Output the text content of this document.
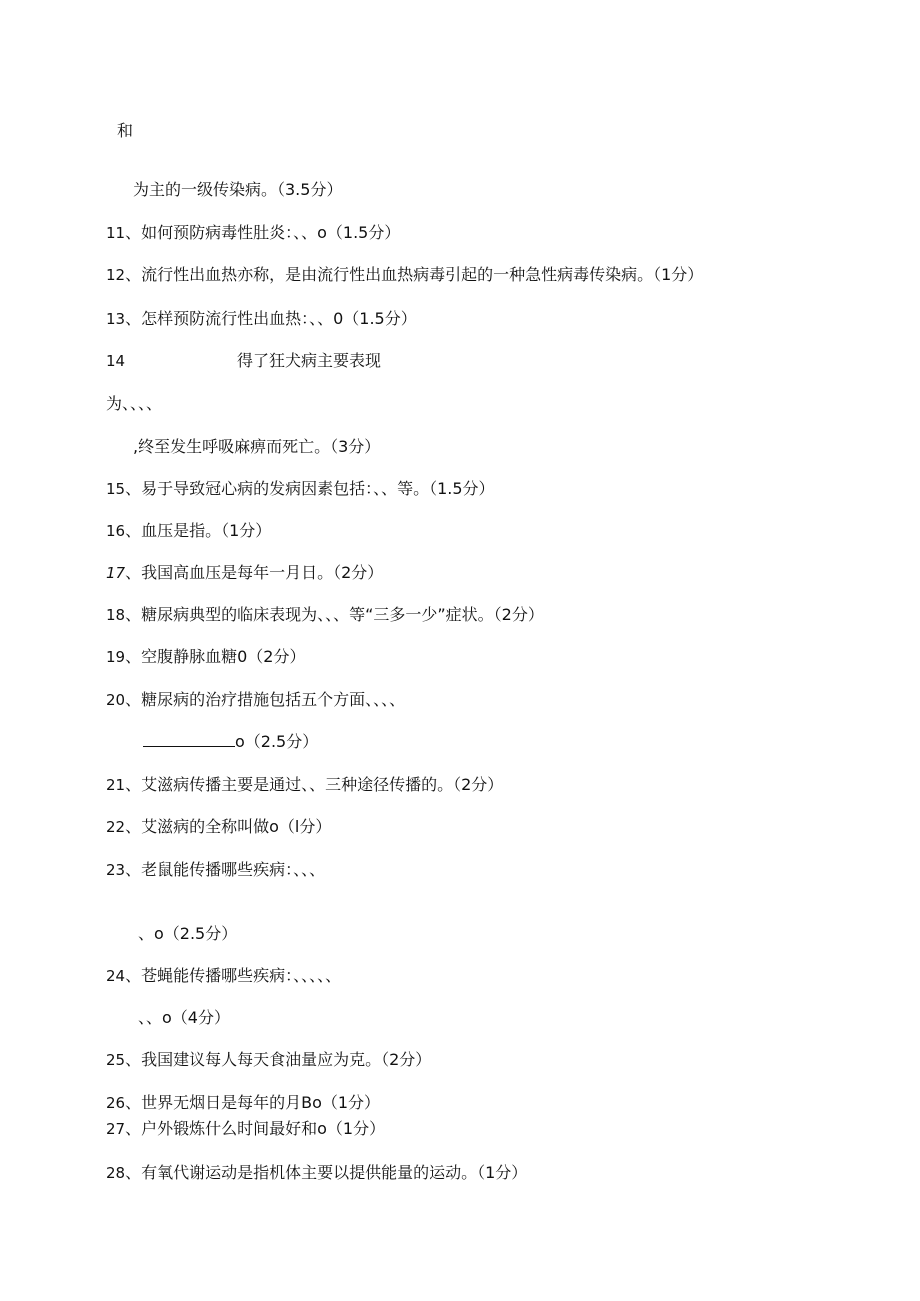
和
为主的一级传染病。（3.5分）
11、如何预防病毒性肚炎：、、o（1.5分）
12、流行性出血热亦称，是由流行性出血热病毒引起的一种急性病毒传染病。（1分）
13、怎样预防流行性出血热：、、0（1.5分）
14	得了狂犬病主要表现
为、、、、
,终至发生呼吸麻痹而死亡。（3分）
15、易于导致冠心病的发病因素包括：、、等。（1.5分）
16、血压是指。（1分）
17、我国高血压是每年一月日。（2分）
18、糖尿病典型的临床表现为、、、等“三多一少”症状。（2分）
19、空腹静脉血糖0（2分）
20、糖尿病的治疗措施包括五个方面、、、、
o（2.5分）
21、艾滋病传播主要是通过、、三种途径传播的。（2分）
22、艾滋病的全称叫做o（l分）
23、老鼠能传播哪些疾病：、、、
、o（2.5分）
24、苍蝇能传播哪些疾病：、、、、、
、、o（4分）
25、我国建议每人每天食油量应为克。（2分）
26、世界无烟日是每年的月Bo（1分）
27、户外锻炼什么时间最好和o（1分）
28、有氧代谢运动是指机体主要以提供能量的运动。（1分）
